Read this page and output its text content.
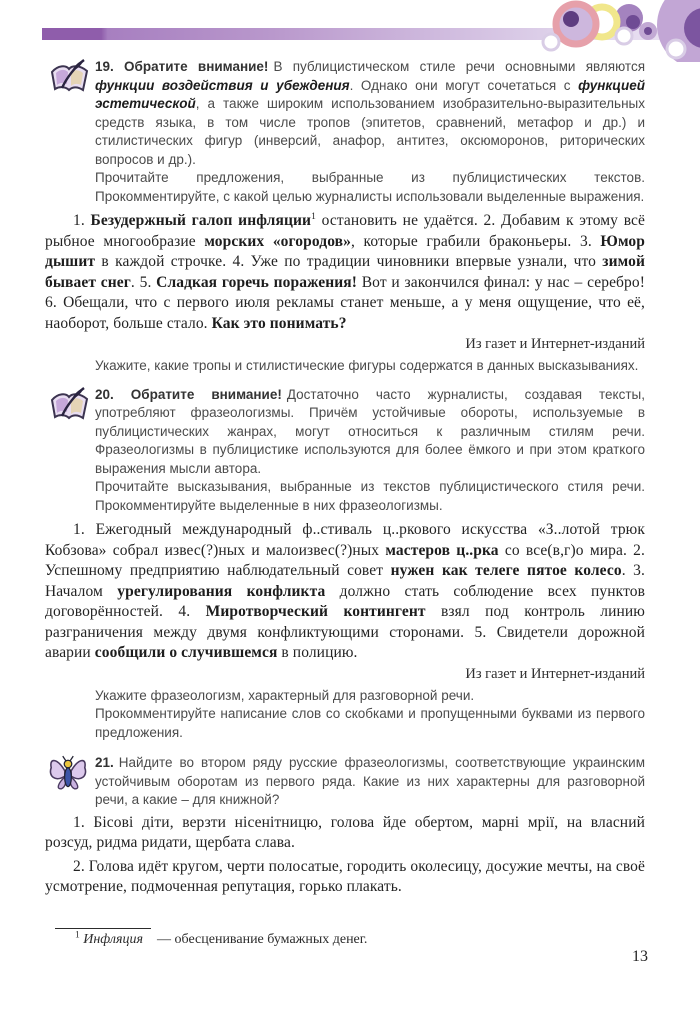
19. Обратите внимание! В публицистическом стиле речи основными являются функции воздействия и убеждения. Однако они могут сочетаться с функцией эстетической, а также широким использованием изобразительно-выразительных средств языка, в том числе тропов (эпитетов, сравнений, метафор и др.) и стилистических фигур (инверсий, анафор, антитез, оксюморонов, риторических вопросов и др.).

Прочитайте предложения, выбранные из публицистических текстов. Прокомментируйте, с какой целью журналисты использовали выделенные выражения.

1. Безудержный галоп инфляции$^1$ остановить не удаётся. 2. Добавим к этому всё рыбное многообразие морских «огородов», которые грабили браконьеры. 3. Юмор дышит в каждой строчке. 4. Уже по традиции чиновники впервые узнали, что зимой бывает снег. 5. Сладкая горечь поражения! Вот и закончился финал: у нас – серебро! 6. Обещали, что с первого июля рекламы станет меньше, а у меня ощущение, что её, наоборот, больше стало. Как это понимать?

Из газет и Интернет-изданий

Укажите, какие тропы и стилистические фигуры содержатся в данных высказываниях.

20. Обратите внимание! Достаточно часто журналисты, создавая тексты, употребляют фразеологизмы. Причём устойчивые обороты, используемые в публицистических жанрах, могут относиться к различным стилям речи. Фразеологизмы в публицистике используются для более ёмкого и при этом краткого выражения мысли автора.

Прочитайте высказывания, выбранные из текстов публицистического стиля речи. Прокомментируйте выделенные в них фразеологизмы.

1. Ежегодный международный ф..стиваль ц..ркового искусства «З..лотой трюк Кобзова» собрал извес(?)ных и малоизвес(?)ных мастеров ц..рка со все(в,г)о мира. 2. Успешному предприятию наблюдательный совет нужен как телеге пятое колесо. 3. Началом урегулирования конфликта должно стать соблюдение всех пунктов договорённостей. 4. Миротворческий контингент взял под контроль линию разграничения между двумя конфликтующими сторонами. 5. Свидетели дорожной аварии сообщили о случившемся в полицию.

Из газет и Интернет-изданий

Укажите фразеологизм, характерный для разговорной речи.

Прокомментируйте написание слов со скобками и пропущенными буквами из первого предложения.

21. Найдите во втором ряду русские фразеологизмы, соответствующие украинским устойчивым оборотам из первого ряда. Какие из них характерны для разговорной речи, а какие – для книжной?

1. Бісові діти, верзти нісенітницю, голова йде обертом, марні мрії, на власний розсуд, ридма ридати, щербата слава.

2. Голова идёт кругом, черти полосатые, городить околесицу, досужие мечты, на своё усмотрение, подмоченная репутация, горько плакать.

$^1$ Инфляция — обесценивание бумажных денег.

13
